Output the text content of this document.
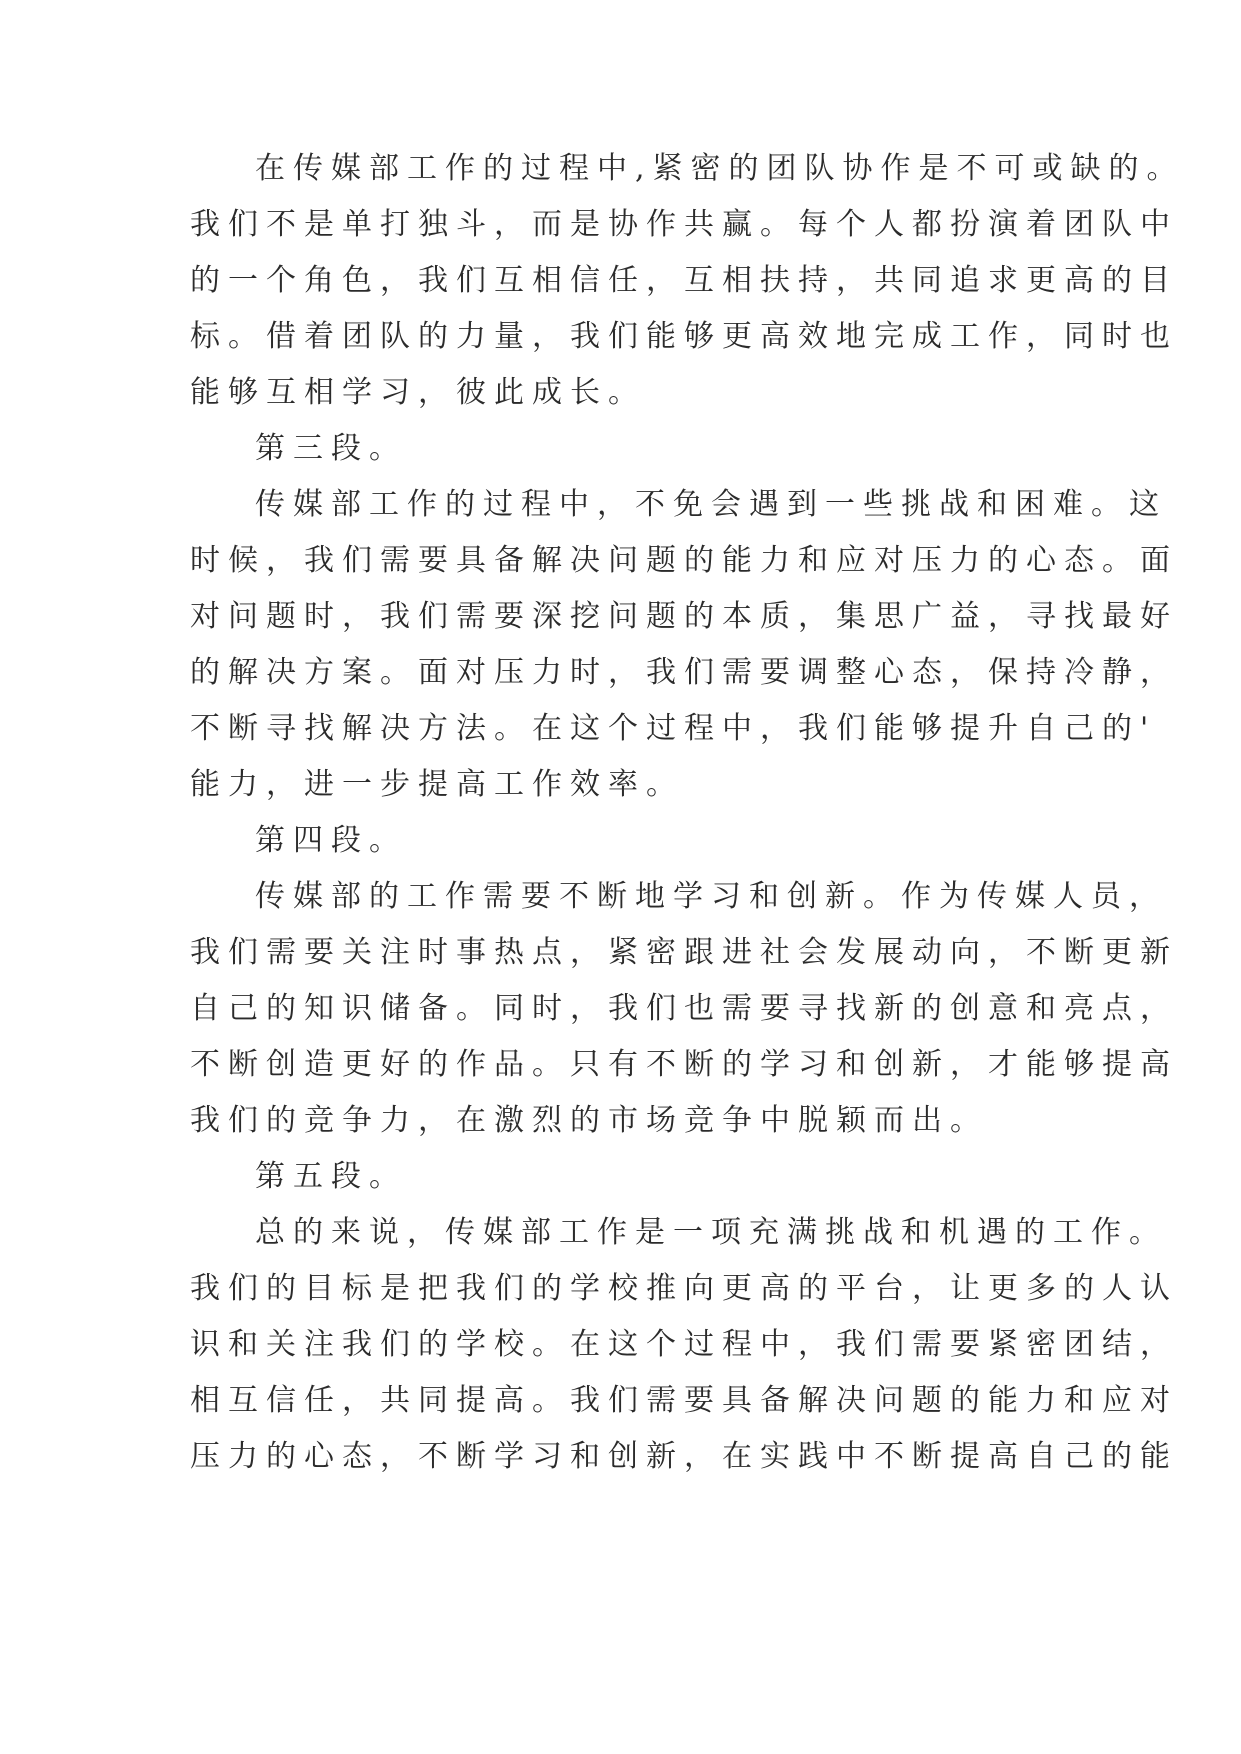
在传媒部工作的过程中,紧密的团队协作是不可或缺的。
我们不是单打独斗，而是协作共赢。每个人都扮演着团队中
的一个角色，我们互相信任，互相扶持，共同追求更高的目
标。借着团队的力量，我们能够更高效地完成工作，同时也
能够互相学习，彼此成长。
第三段。
传媒部工作的过程中，不免会遇到一些挑战和困难。这
时候，我们需要具备解决问题的能力和应对压力的心态。面
对问题时，我们需要深挖问题的本质，集思广益，寻找最好
的解决方案。面对压力时，我们需要调整心态，保持冷静，
不断寻找解决方法。在这个过程中，我们能够提升自己的'
能力，进一步提高工作效率。
第四段。
传媒部的工作需要不断地学习和创新。作为传媒人员，
我们需要关注时事热点，紧密跟进社会发展动向，不断更新
自己的知识储备。同时，我们也需要寻找新的创意和亮点，
不断创造更好的作品。只有不断的学习和创新，才能够提高
我们的竞争力，在激烈的市场竞争中脱颖而出。
第五段。
总的来说，传媒部工作是一项充满挑战和机遇的工作。
我们的目标是把我们的学校推向更高的平台，让更多的人认
识和关注我们的学校。在这个过程中，我们需要紧密团结，
相互信任，共同提高。我们需要具备解决问题的能力和应对
压力的心态，不断学习和创新，在实践中不断提高自己的能
